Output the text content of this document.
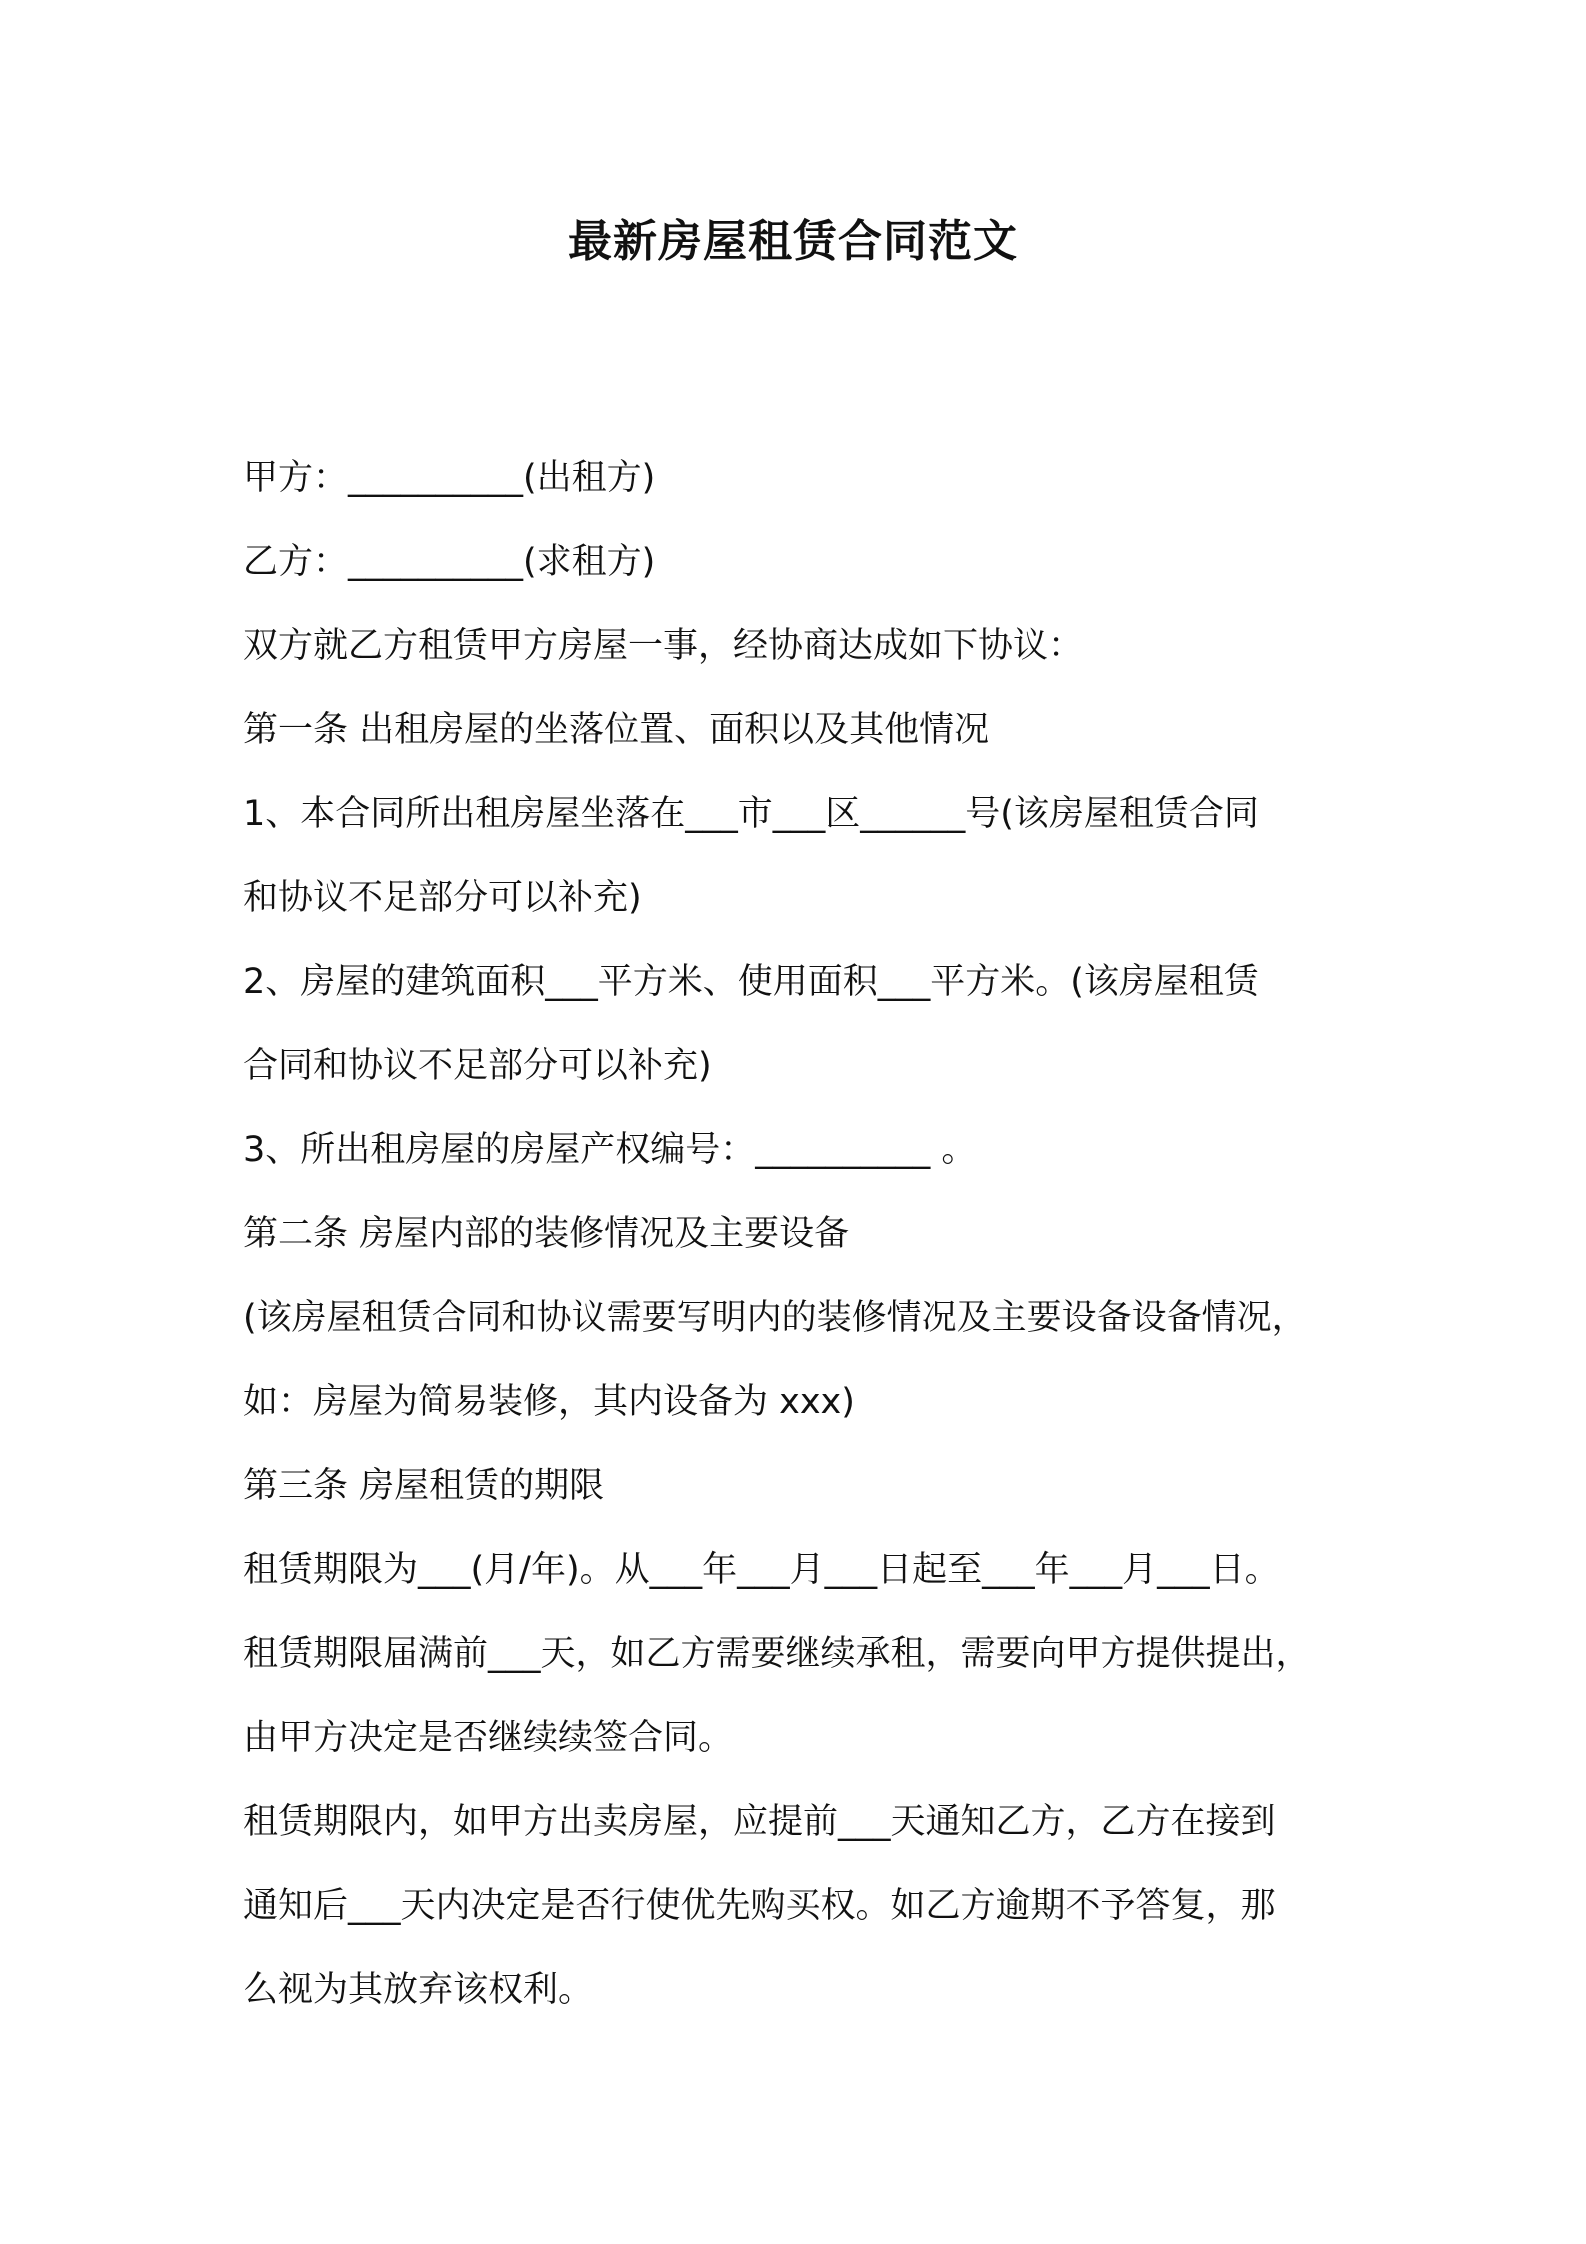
最新房屋租赁合同范文
甲方：__________(出租方)
乙方：__________(求租方)
双方就乙方租赁甲方房屋一事，经协商达成如下协议：
第一条 出租房屋的坐落位置、面积以及其他情况
1、本合同所出租房屋坐落在___市___区______号(该房屋租赁合同
和协议不足部分可以补充)
2、房屋的建筑面积___平方米、使用面积___平方米。(该房屋租赁
合同和协议不足部分可以补充)
3、所出租房屋的房屋产权编号：__________ 。
第二条 房屋内部的装修情况及主要设备
(该房屋租赁合同和协议需要写明内的装修情况及主要设备设备情况，
如：房屋为简易装修，其内设备为 xxx)
第三条 房屋租赁的期限
租赁期限为___(月/年)。从___年___月___日起至___年___月___日。
租赁期限届满前___天，如乙方需要继续承租，需要向甲方提供提出，
由甲方决定是否继续续签合同。
租赁期限内，如甲方出卖房屋，应提前___天通知乙方，乙方在接到
通知后___天内决定是否行使优先购买权。如乙方逾期不予答复，那
么视为其放弃该权利。
